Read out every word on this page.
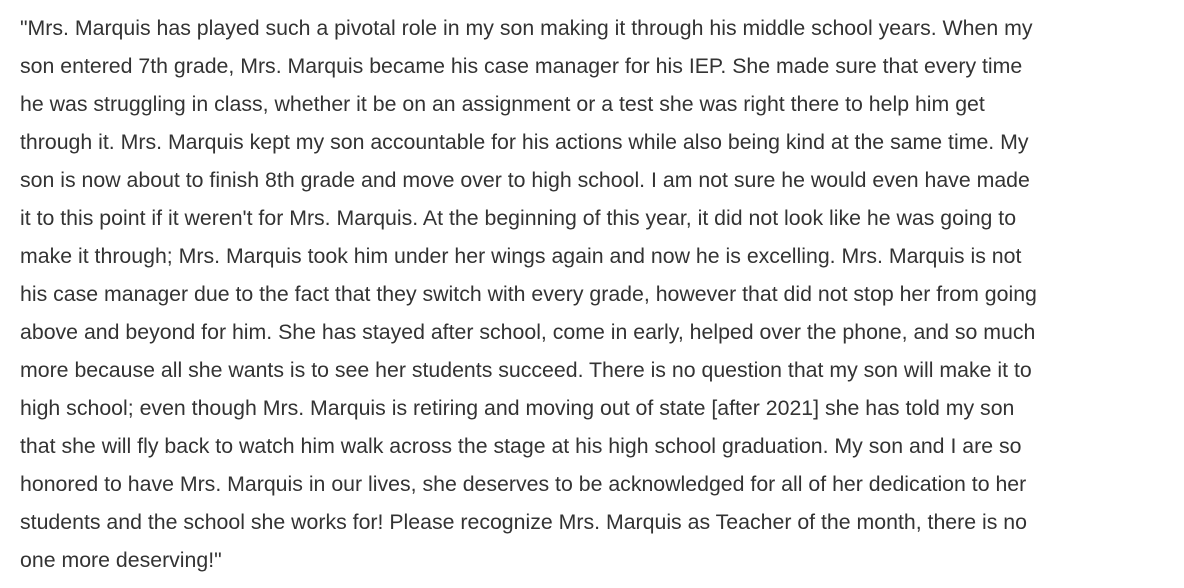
"Mrs. Marquis has played such a pivotal role in my son making it through his middle school years. When my
son entered 7th grade, Mrs. Marquis became his case manager for his IEP. She made sure that every time
he was struggling in class, whether it be on an assignment or a test she was right there to help him get
through it. Mrs. Marquis kept my son accountable for his actions while also being kind at the same time. My
son is now about to finish 8th grade and move over to high school. I am not sure he would even have made
it to this point if it weren't for Mrs. Marquis. At the beginning of this year, it did not look like he was going to
make it through; Mrs. Marquis took him under her wings again and now he is excelling. Mrs. Marquis is not
his case manager due to the fact that they switch with every grade, however that did not stop her from going
above and beyond for him. She has stayed after school, come in early, helped over the phone, and so much
more because all she wants is to see her students succeed. There is no question that my son will make it to
high school; even though Mrs. Marquis is retiring and moving out of state [after 2021] she has told my son
that she will fly back to watch him walk across the stage at his high school graduation. My son and I are so
honored to have Mrs. Marquis in our lives, she deserves to be acknowledged for all of her dedication to her
students and the school she works for! Please recognize Mrs. Marquis as Teacher of the month, there is no
one more deserving!"
